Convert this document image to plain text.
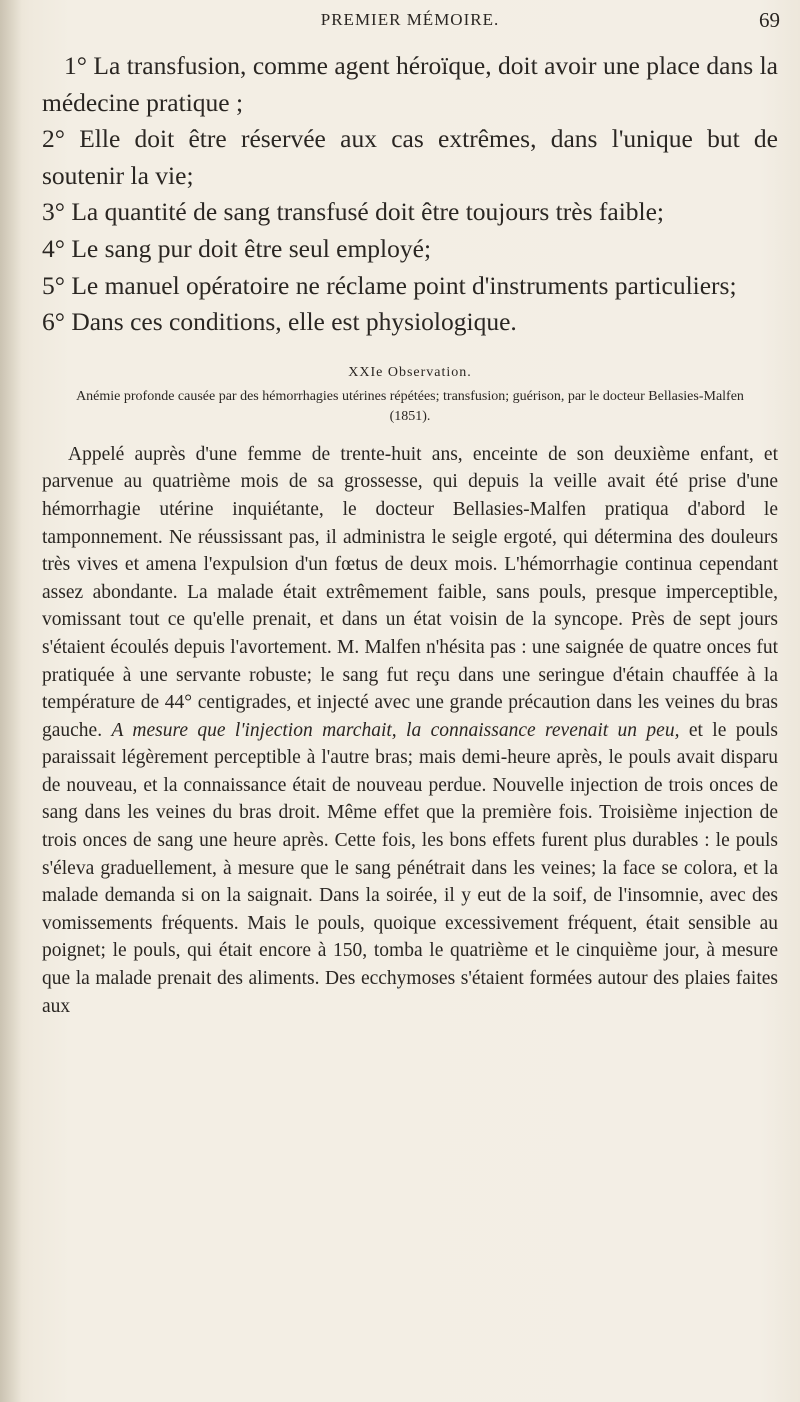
PREMIER MÉMOIRE.	69

1° La transfusion, comme agent héroïque, doit avoir une place dans la médecine pratique ;

2° Elle doit être réservée aux cas extrêmes, dans l'unique but de soutenir la vie;

3° La quantité de sang transfusé doit être toujours très faible;

4° Le sang pur doit être seul employé;

5° Le manuel opératoire ne réclame point d'instruments particuliers;

6° Dans ces conditions, elle est physiologique.

XXIe Observation.
Anémie profonde causée par des hémorrhagies utérines répétées; transfusion; guérison, par le docteur Bellasies-Malfen (1851).

Appelé auprès d'une femme de trente-huit ans, enceinte de son deuxième enfant, et parvenue au quatrième mois de sa grossesse, qui depuis la veille avait été prise d'une hémorrhagie utérine inquiétante, le docteur Bellasies-Malfen pratiqua d'abord le tamponnement. Ne réussissant pas, il administra le seigle ergoté, qui détermina des douleurs très vives et amena l'expulsion d'un fœtus de deux mois. L'hémorrhagie continua cependant assez abondante. La malade était extrêmement faible, sans pouls, presque imperceptible, vomissant tout ce qu'elle prenait, et dans un état voisin de la syncope. Près de sept jours s'étaient écoulés depuis l'avortement. M. Malfen n'hésita pas : une saignée de quatre onces fut pratiquée à une servante robuste; le sang fut reçu dans une seringue d'étain chauffée à la température de 44° centigrades, et injecté avec une grande précaution dans les veines du bras gauche. A mesure que l'injection marchait, la connaissance revenait un peu, et le pouls paraissait légèrement perceptible à l'autre bras; mais demi-heure après, le pouls avait disparu de nouveau, et la connaissance était de nouveau perdue. Nouvelle injection de trois onces de sang dans les veines du bras droit. Même effet que la première fois. Troisième injection de trois onces de sang une heure après. Cette fois, les bons effets furent plus durables : le pouls s'éleva graduellement, à mesure que le sang pénétrait dans les veines; la face se colora, et la malade demanda si on la saignait. Dans la soirée, il y eut de la soif, de l'insomnie, avec des vomissements fréquents. Mais le pouls, quoique excessivement fréquent, était sensible au poignet; le pouls, qui était encore à 150, tomba le quatrième et le cinquième jour, à mesure que la malade prenait des aliments. Des ecchymoses s'étaient formées autour des plaies faites aux
